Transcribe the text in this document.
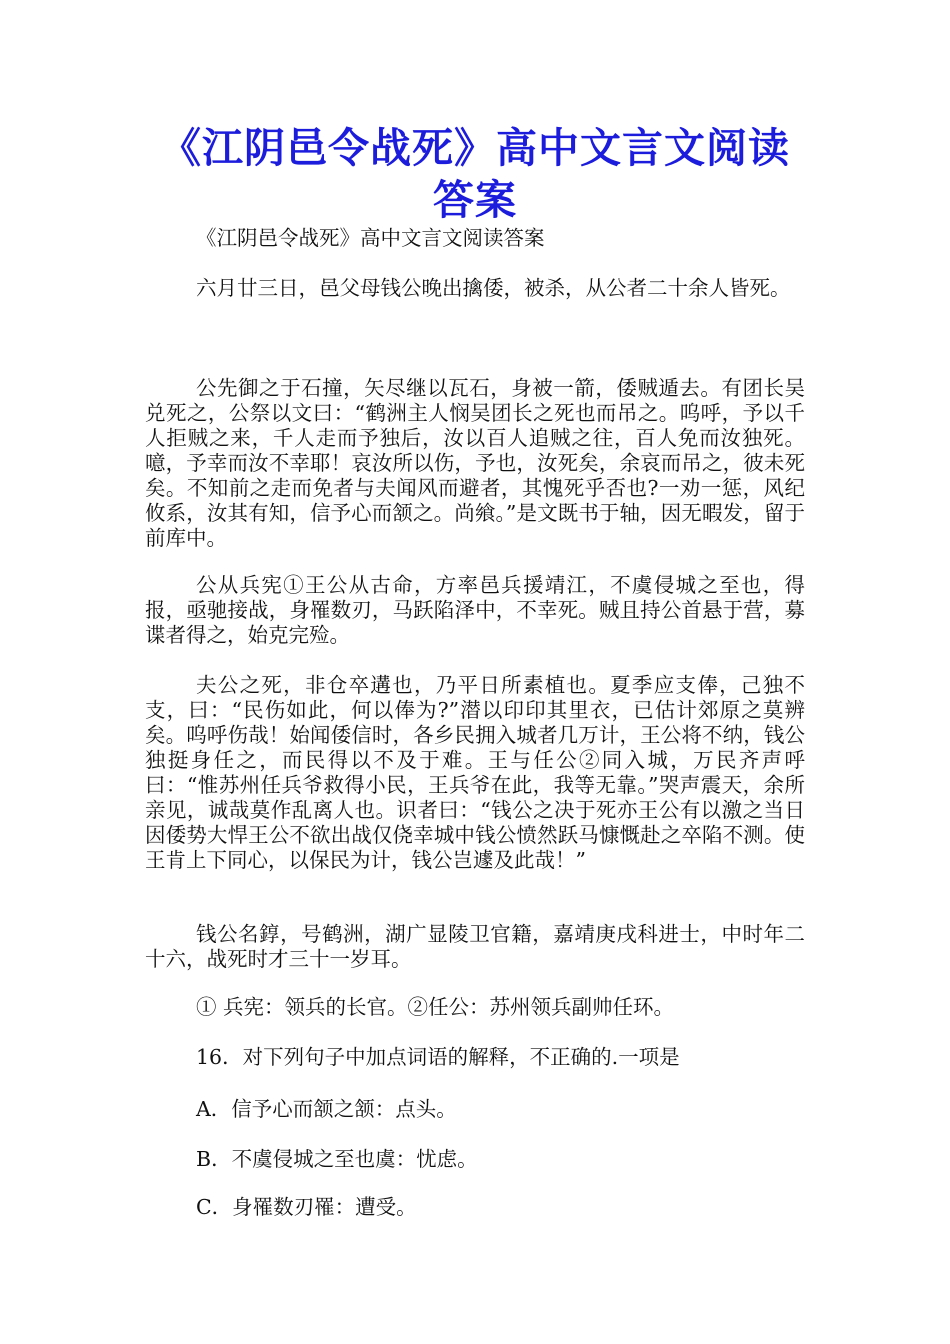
《江阴邑令战死》高中文言文阅读答案
《江阴邑令战死》高中文言文阅读答案
六月廿三日，邑父母钱公晚出擒倭，被杀，从公者二十余人皆死。
公先御之于石撞，矢尽继以瓦石，身被一箭，倭贼遁去。有团长吴兑死之，公祭以文曰：“鹤洲主人悯吴团长之死也而吊之。呜呼，予以千人拒贼之来，千人走而予独后，汝以百人追贼之往，百人免而汝独死。噫，予幸而汝不幸耶！哀汝所以伤，予也，汝死矣，余哀而吊之，彼未死矣。不知前之走而免者与夫闻风而避者，其愧死乎否也?一劝一惩，风纪攸系，汝其有知，信予心而颔之。尚飨。”是文既书于轴，因无暇发，留于前库中。
公从兵宪①王公从古命，方率邑兵援靖江，不虞侵城之至也，得报，亟驰接战，身罹数刃，马跃陷泽中，不幸死。贼且持公首悬于营，募谍者得之，始克完殓。
夫公之死，非仓卒遘也，乃平日所素植也。夏季应支俸，己独不支，曰：“民伤如此，何以俸为?”潜以印印其里衣，已估计郊原之莫辨矣。呜呼伤哉！始闻倭信时，各乡民拥入城者几万计，王公将不纳，钱公独挺身任之，而民得以不及于难。王与任公②同入城，万民齐声呼曰：“惟苏州任兵爷救得小民，王兵爷在此，我等无靠。”哭声震天，余所亲见，诚哉莫作乱离人也。识者曰：“钱公之决于死亦王公有以激之当日因倭势大悍王公不欲出战仅侥幸城中钱公愤然跃马慷慨赴之卒陷不测。使王肯上下同心，以保民为计，钱公岂遽及此哉！”
钱公名錞，号鹤洲，湖广显陵卫官籍，嘉靖庚戌科进士，中时年二十六，战死时才三十一岁耳。
① 兵宪：领兵的长官。②任公：苏州领兵副帅任环。
16．对下列句子中加点词语的解释，不正确的.一项是
A．信予心而颔之颔：点头。
B．不虞侵城之至也虞：忧虑。
C．身罹数刃罹：遭受。
